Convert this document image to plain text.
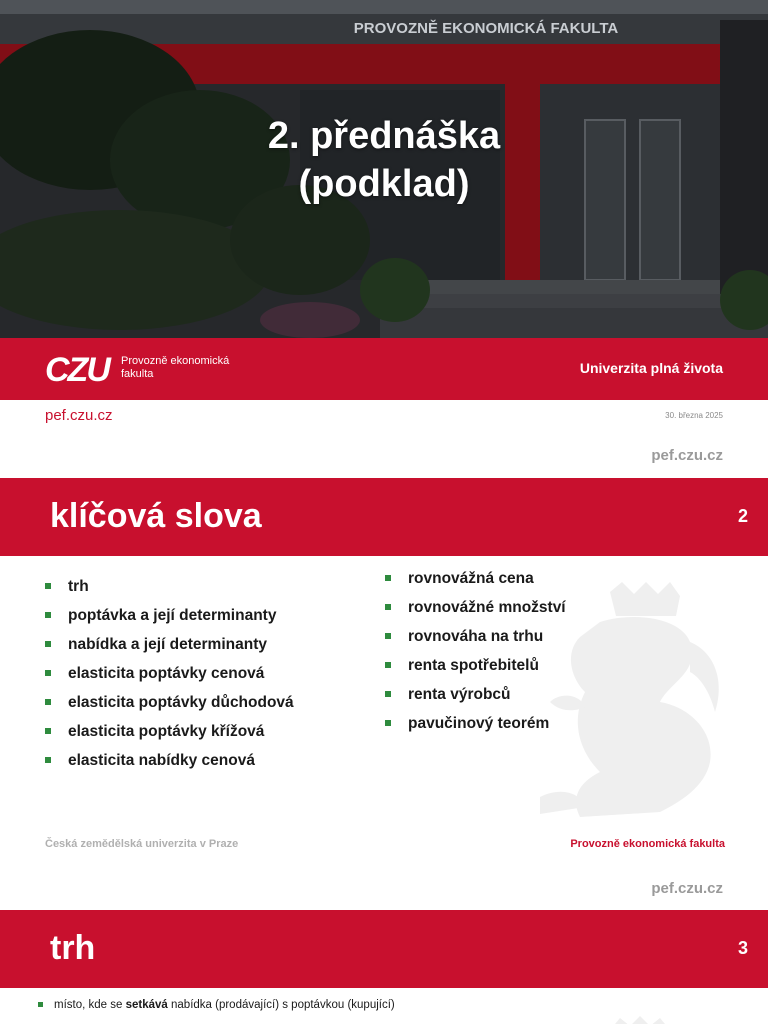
PROVOZNĚ EKONOMICKÁ FAKULTA
2. přednáška
(podklad)
CZU	Provozně ekonomická
fakulta	Univerzita plná života
pef.czu.cz	30. března 2025
pef.czu.cz
klíčová slova	2
trh
poptávka a její determinanty
nabídka a její determinanty
elasticita poptávky cenová
elasticita poptávky důchodová
elasticita poptávky křížová
elasticita nabídky cenová
rovnovážná cena
rovnovážné množství
rovnováha na trhu
renta spotřebitelů
renta výrobců
pavučinový teorém
Česká zemědělská univerzita v Praze	Provozně ekonomická fakulta
pef.czu.cz
trh	3
místo, kde se setkává nabídka (prodávající) s poptávkou (kupující)
